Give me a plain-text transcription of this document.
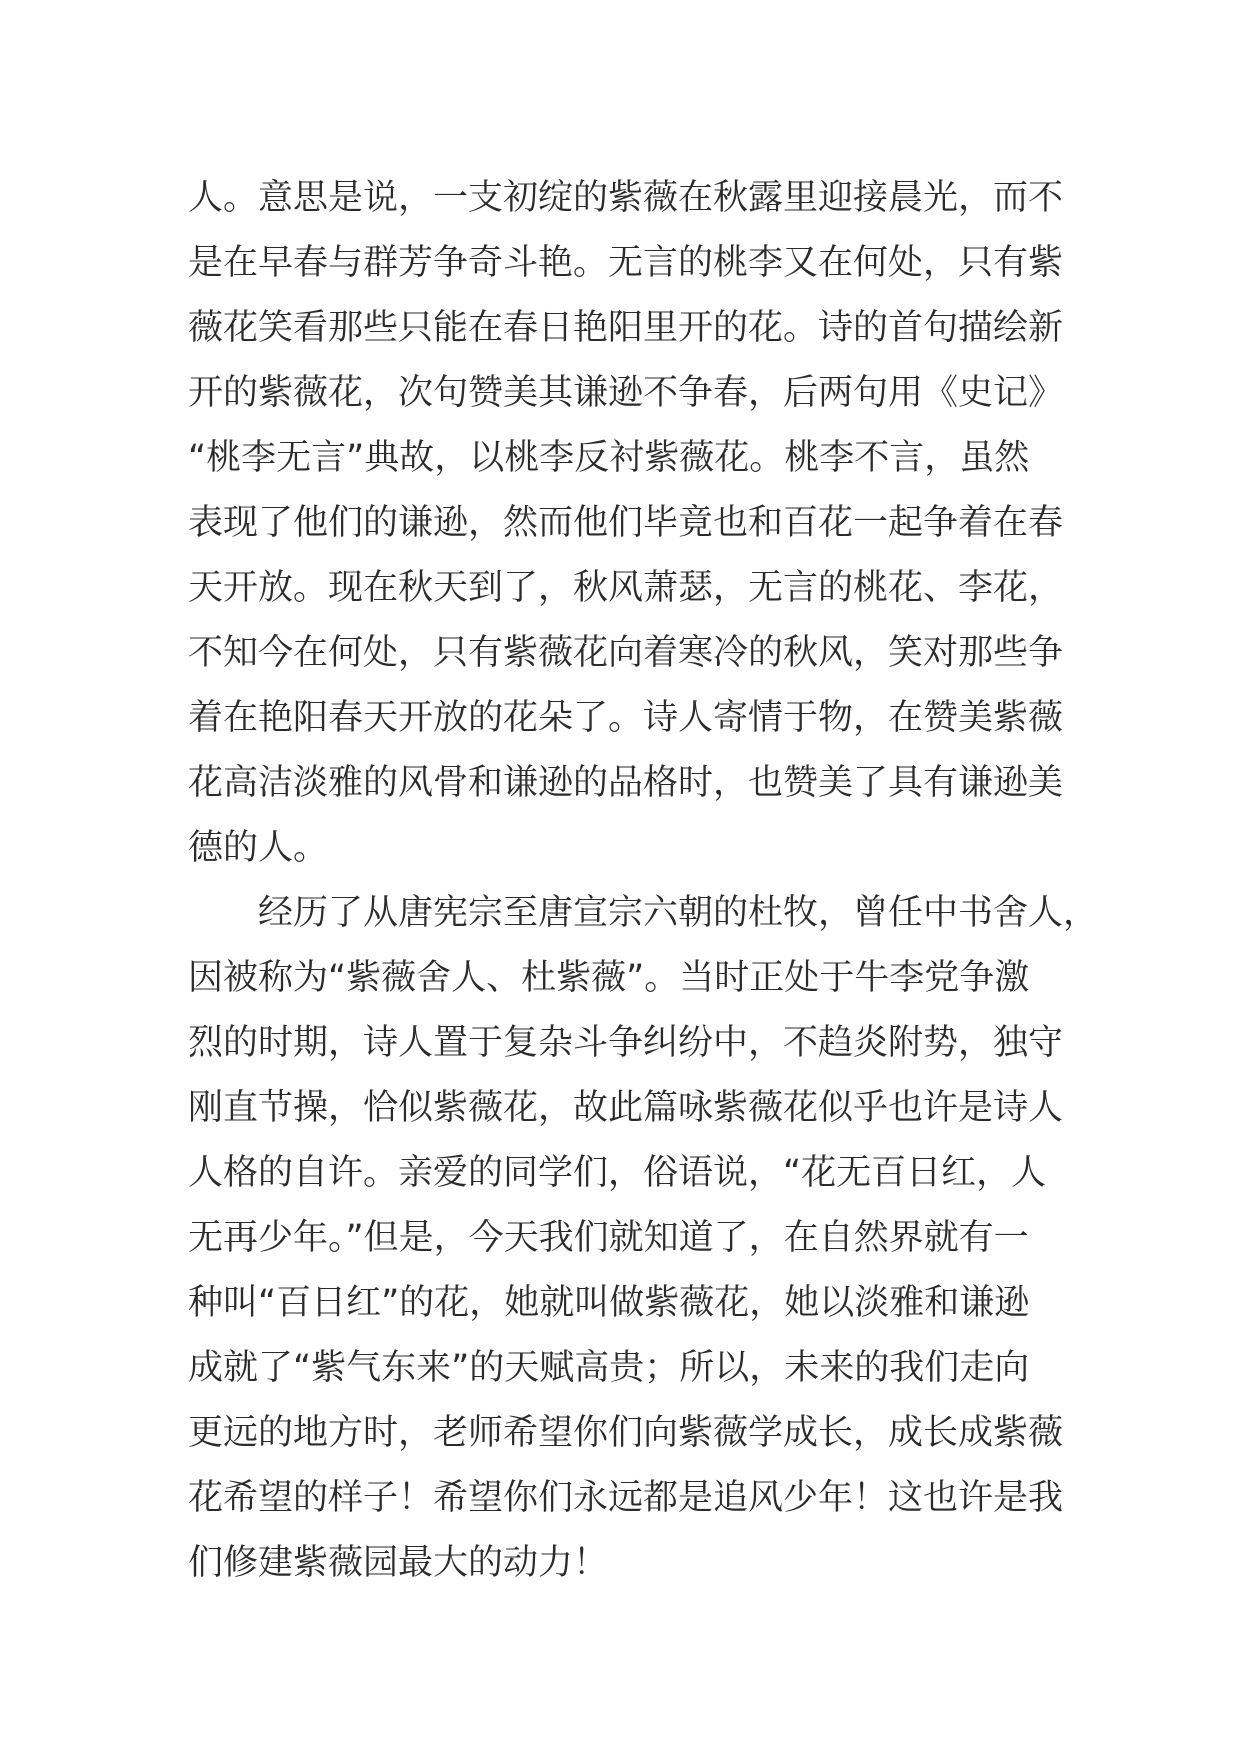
人。意思是说，一支初绽的紫薇在秋露里迎接晨光，而不
是在早春与群芳争奇斗艳。无言的桃李又在何处，只有紫
薇花笑看那些只能在春日艳阳里开的花。诗的首句描绘新
开的紫薇花，次句赞美其谦逊不争春，后两句用《史记》
“桃李无言”典故，以桃李反衬紫薇花。桃李不言，虽然
表现了他们的谦逊，然而他们毕竟也和百花一起争着在春
天开放。现在秋天到了，秋风萧瑟，无言的桃花、李花，
不知今在何处，只有紫薇花向着寒冷的秋风，笑对那些争
着在艳阳春天开放的花朵了。诗人寄情于物，在赞美紫薇
花高洁淡雅的风骨和谦逊的品格时，也赞美了具有谦逊美
德的人。
经历了从唐宪宗至唐宣宗六朝的杜牧，曾任中书舍人，
因被称为“紫薇舍人、杜紫薇”。当时正处于牛李党争激
烈的时期，诗人置于复杂斗争纠纷中，不趋炎附势，独守
刚直节操，恰似紫薇花，故此篇咏紫薇花似乎也许是诗人
人格的自许。亲爱的同学们，俗语说，“花无百日红，人
无再少年。”但是，今天我们就知道了，在自然界就有一
种叫“百日红”的花，她就叫做紫薇花，她以淡雅和谦逊
成就了“紫气东来”的天赋高贵；所以，未来的我们走向
更远的地方时，老师希望你们向紫薇学成长，成长成紫薇
花希望的样子！希望你们永远都是追风少年！这也许是我
们修建紫薇园最大的动力！
